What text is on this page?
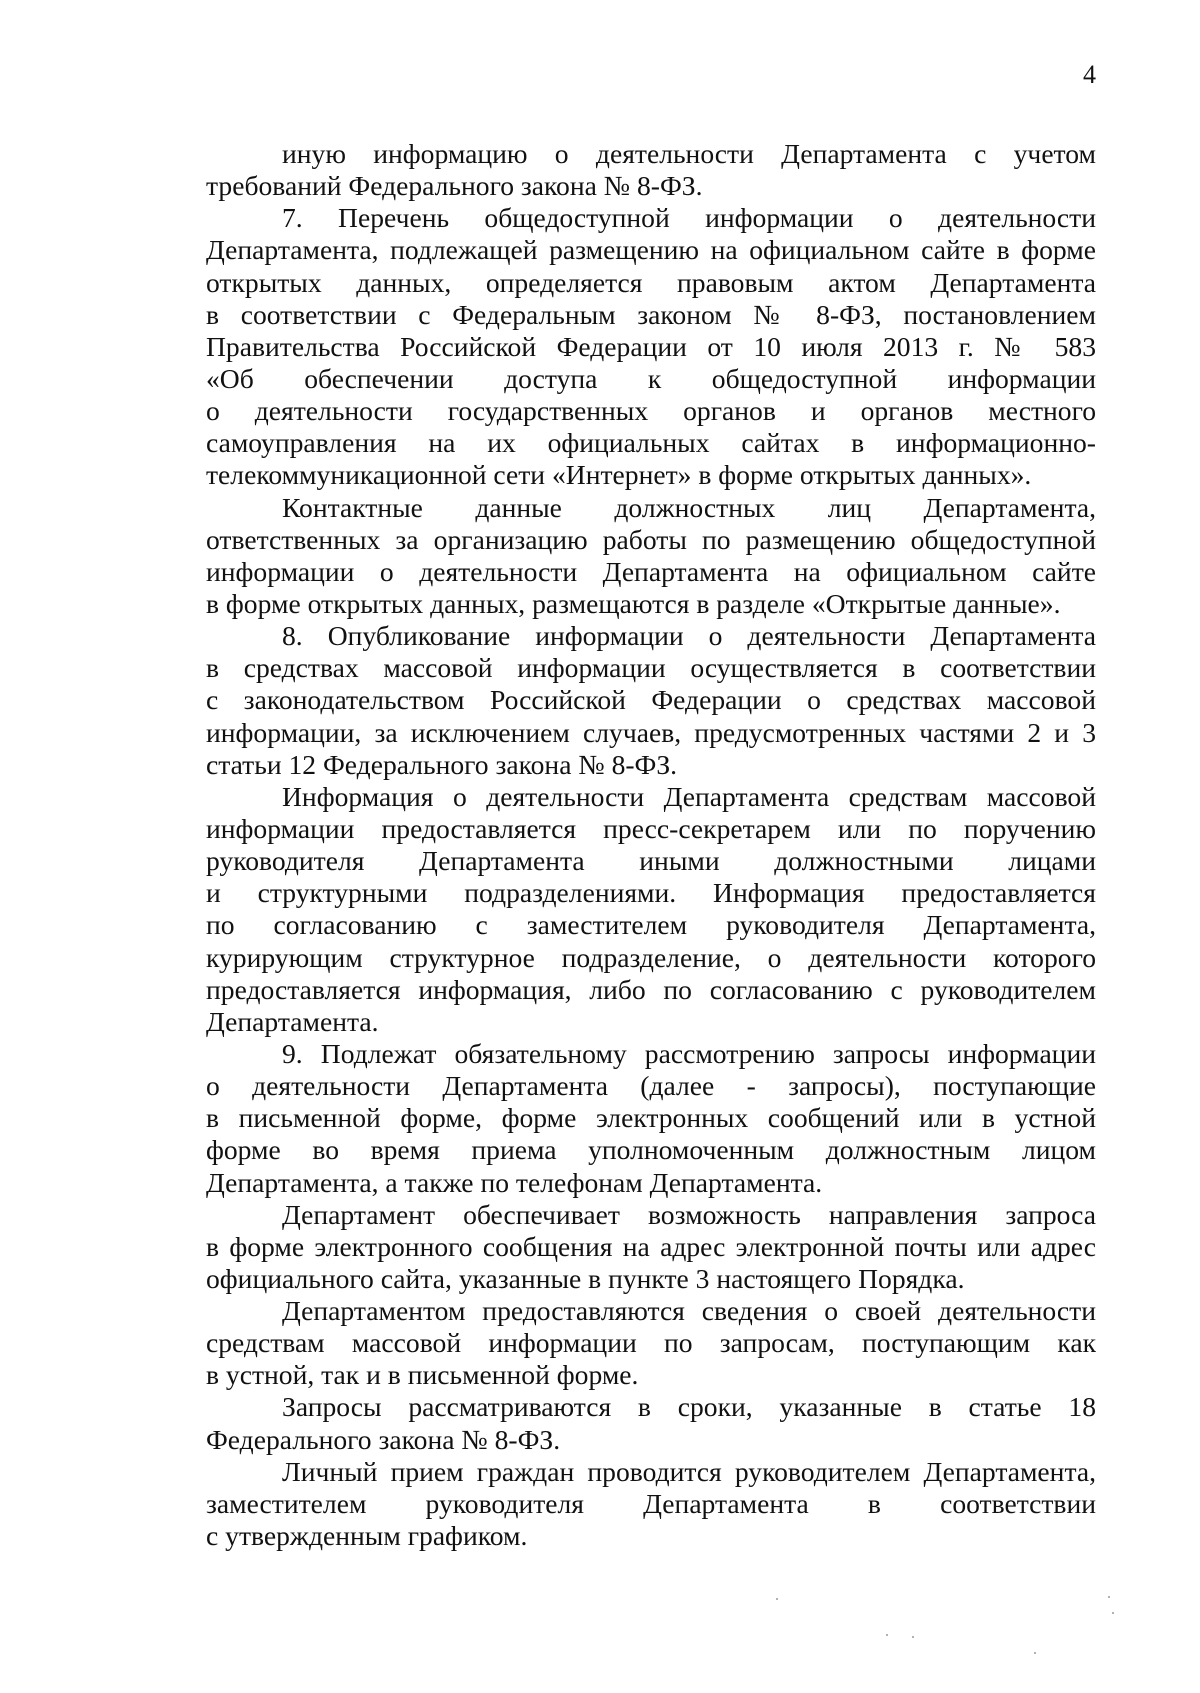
4
иную информацию о деятельности Департамента с учетом
требований Федерального закона № 8-ФЗ.
7. Перечень общедоступной информации о деятельности
Департамента, подлежащей размещению на официальном сайте в форме
открытых данных, определяется правовым актом Департамента
в соответствии с Федеральным законом № 8-ФЗ, постановлением
Правительства Российской Федерации от 10 июля 2013 г. № 583
«Об обеспечении доступа к общедоступной информации
о деятельности государственных органов и органов местного
самоуправления на их официальных сайтах в информационно-
телекоммуникационной сети «Интернет» в форме открытых данных».
Контактные данные должностных лиц Департамента,
ответственных за организацию работы по размещению общедоступной
информации о деятельности Департамента на официальном сайте
в форме открытых данных, размещаются в разделе «Открытые данные».
8. Опубликование информации о деятельности Департамента
в средствах массовой информации осуществляется в соответствии
с законодательством Российской Федерации о средствах массовой
информации, за исключением случаев, предусмотренных частями 2 и 3
статьи 12 Федерального закона № 8-ФЗ.
Информация о деятельности Департамента средствам массовой
информации предоставляется пресс-секретарем или по поручению
руководителя Департамента иными должностными лицами
и структурными подразделениями. Информация предоставляется
по согласованию с заместителем руководителя Департамента,
курирующим структурное подразделение, о деятельности которого
предоставляется информация, либо по согласованию с руководителем
Департамента.
9. Подлежат обязательному рассмотрению запросы информации
о деятельности Департамента (далее - запросы), поступающие
в письменной форме, форме электронных сообщений или в устной
форме во время приема уполномоченным должностным лицом
Департамента, а также по телефонам Департамента.
Департамент обеспечивает возможность направления запроса
в форме электронного сообщения на адрес электронной почты или адрес
официального сайта, указанные в пункте 3 настоящего Порядка.
Департаментом предоставляются сведения о своей деятельности
средствам массовой информации по запросам, поступающим как
в устной, так и в письменной форме.
Запросы рассматриваются в сроки, указанные в статье 18
Федерального закона № 8-ФЗ.
Личный прием граждан проводится руководителем Департамента,
заместителем руководителя Департамента в соответствии
с утвержденным графиком.
